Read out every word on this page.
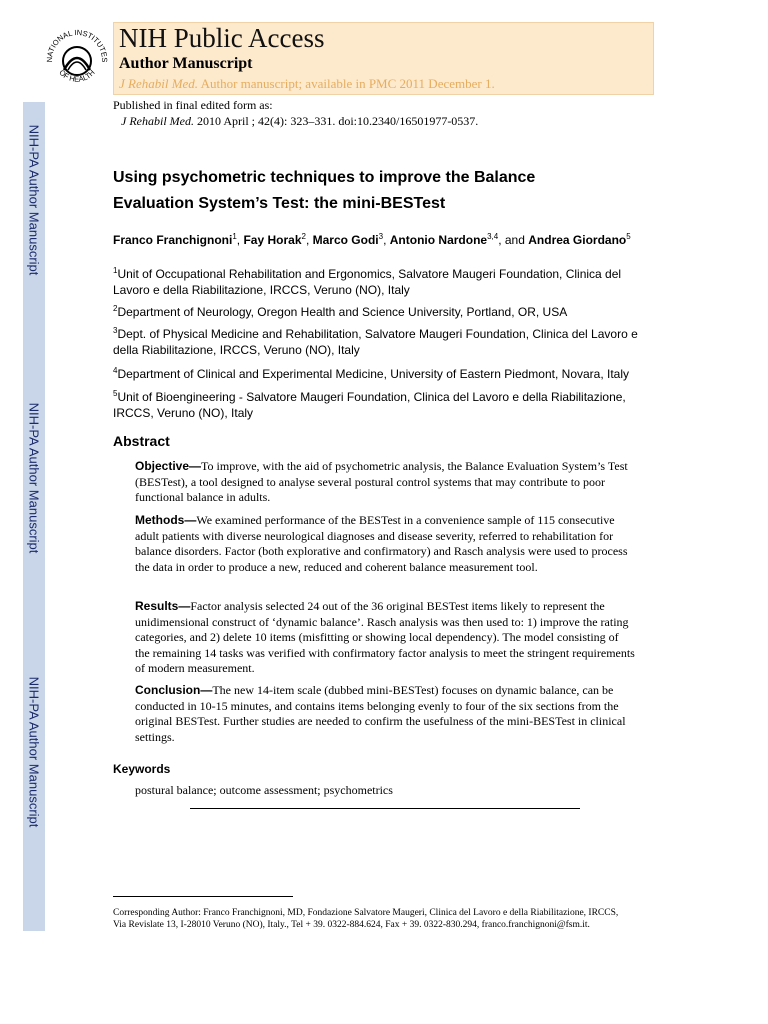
NIH-PA Author Manuscript
NIH-PA Author Manuscript
NIH-PA Author Manuscript
NATIONAL INSTITUTES
OF HEALTH
NIH Public Access
Author Manuscript
J Rehabil Med. Author manuscript; available in PMC 2011 December 1.
Published in final edited form as:
J Rehabil Med. 2010 April ; 42(4): 323–331. doi:10.2340/16501977-0537.
Using psychometric techniques to improve the Balance
Evaluation System’s Test: the mini-BESTest
Franco Franchignoni$^1$, Fay Horak$^2$, Marco Godi$^3$, Antonio Nardone$^{3,4}$, and Andrea Giordano$^5$
$^1$Unit of Occupational Rehabilitation and Ergonomics, Salvatore Maugeri Foundation, Clinica del Lavoro e della Riabilitazione, IRCCS, Veruno (NO), Italy
$^2$Department of Neurology, Oregon Health and Science University, Portland, OR, USA
$^3$Dept. of Physical Medicine and Rehabilitation, Salvatore Maugeri Foundation, Clinica del Lavoro e della Riabilitazione, IRCCS, Veruno (NO), Italy
$^4$Department of Clinical and Experimental Medicine, University of Eastern Piedmont, Novara, Italy
$^5$Unit of Bioengineering - Salvatore Maugeri Foundation, Clinica del Lavoro e della Riabilitazione, IRCCS, Veruno (NO), Italy
Abstract
Objective—To improve, with the aid of psychometric analysis, the Balance Evaluation System’s Test (BESTest), a tool designed to analyse several postural control systems that may contribute to poor functional balance in adults.
Methods—We examined performance of the BESTest in a convenience sample of 115 consecutive adult patients with diverse neurological diagnoses and disease severity, referred to rehabilitation for balance disorders. Factor (both explorative and confirmatory) and Rasch analysis were used to process the data in order to produce a new, reduced and coherent balance measurement tool.
Results—Factor analysis selected 24 out of the 36 original BESTest items likely to represent the unidimensional construct of ‘dynamic balance’. Rasch analysis was then used to: 1) improve the rating categories, and 2) delete 10 items (misfitting or showing local dependency). The model consisting of the remaining 14 tasks was verified with confirmatory factor analysis to meet the stringent requirements of modern measurement.
Conclusion—The new 14-item scale (dubbed mini-BESTest) focuses on dynamic balance, can be conducted in 10-15 minutes, and contains items belonging evenly to four of the six sections from the original BESTest. Further studies are needed to confirm the usefulness of the mini-BESTest in clinical settings.
Keywords
postural balance; outcome assessment; psychometrics
Corresponding Author: Franco Franchignoni, MD, Fondazione Salvatore Maugeri, Clinica del Lavoro e della Riabilitazione, IRCCS,
Via Revislate 13, I-28010 Veruno (NO), Italy., Tel + 39. 0322-884.624, Fax + 39. 0322-830.294, franco.franchignoni@fsm.it.
